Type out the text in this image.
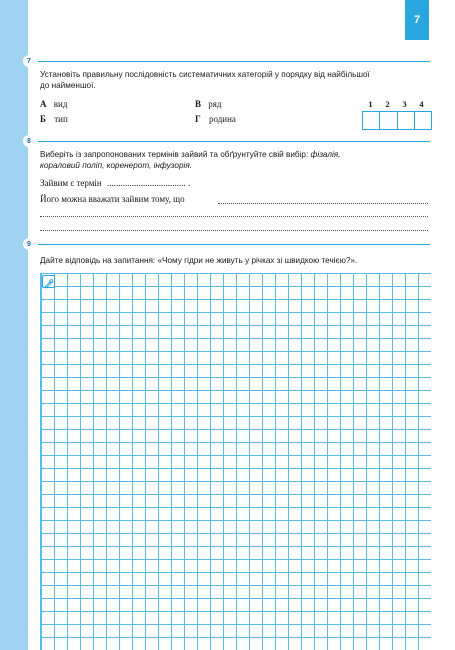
7
7
Установіть правильну послідовність систематичних категорій у порядку від найбільшої
до найменшої.
А вид
Б тип
В ряд
Г родина
1	2	3	4
8
Виберіть із запропонованих термінів зайвий та обґрунтуйте свій вибір: фізалія,
кораловий поліп, коренерот, інфузорія.
Зайвим є термін ................................... .
Його можна вважати зайвим тому, що
9
Дайте відповідь на запитання: «Чому гідри не живуть у річках зі швидкою течією?».
